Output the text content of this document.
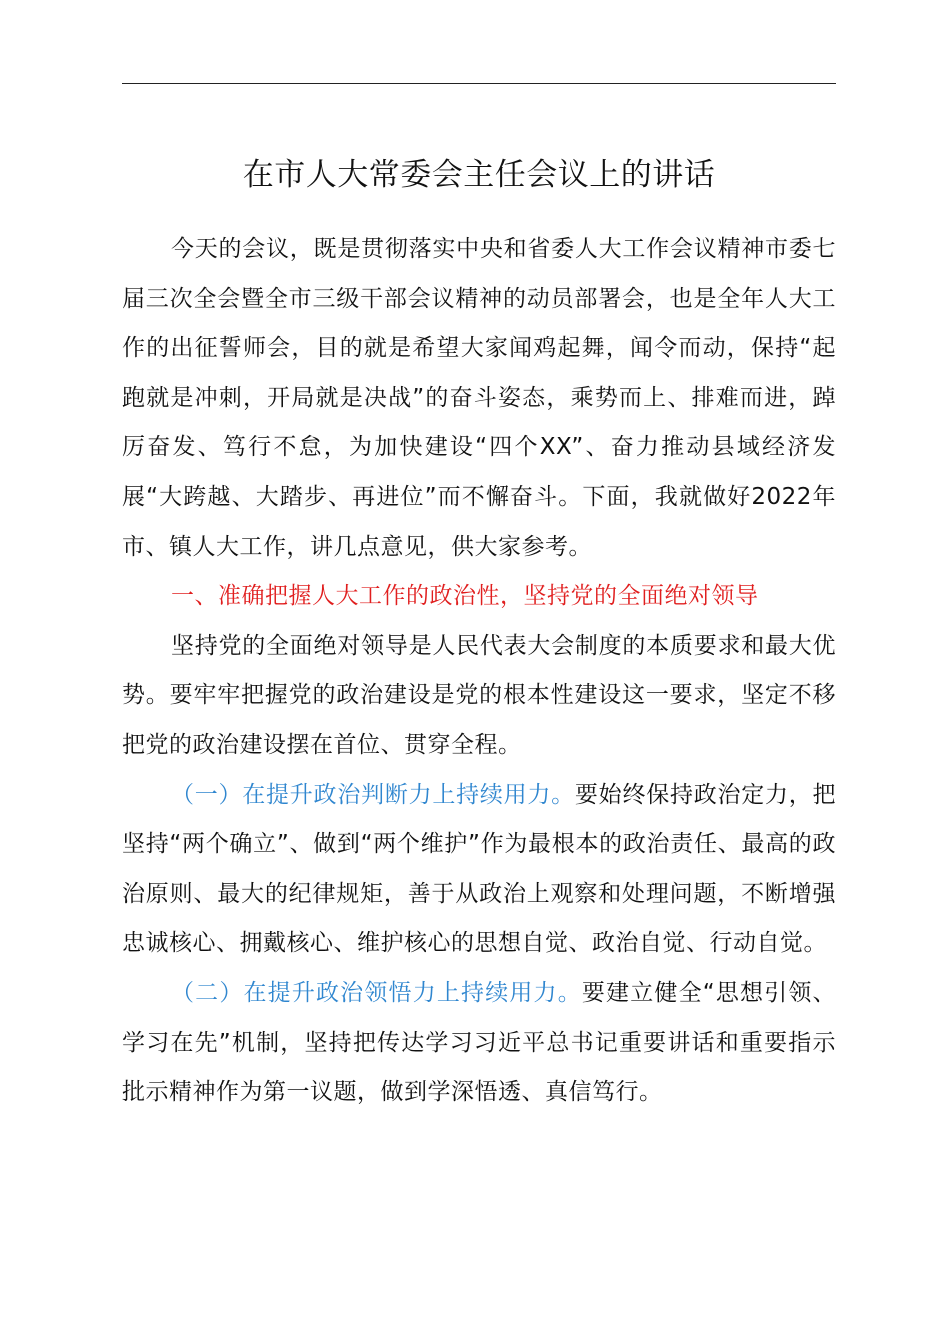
在市人大常委会主任会议上的讲话

今天的会议，既是贯彻落实中央和省委人大工作会议精神市委七届三次全会暨全市三级干部会议精神的动员部署会，也是全年人大工作的出征誓师会，目的就是希望大家闻鸡起舞，闻令而动，保持“起跑就是冲刺，开局就是决战”的奋斗姿态，乘势而上、排难而进，踔厉奋发、笃行不怠，为加快建设“四个XX”、奋力推动县域经济发展“大跨越、大踏步、再进位”而不懈奋斗。下面，我就做好2022年市、镇人大工作，讲几点意见，供大家参考。

一、准确把握人大工作的政治性，坚持党的全面绝对领导

坚持党的全面绝对领导是人民代表大会制度的本质要求和最大优势。要牢牢把握党的政治建设是党的根本性建设这一要求，坚定不移把党的政治建设摆在首位、贯穿全程。

（一）在提升政治判断力上持续用力。要始终保持政治定力，把坚持“两个确立”、做到“两个维护”作为最根本的政治责任、最高的政治原则、最大的纪律规矩，善于从政治上观察和处理问题，不断增强忠诚核心、拥戴核心、维护核心的思想自觉、政治自觉、行动自觉。

（二）在提升政治领悟力上持续用力。要建立健全“思想引领、学习在先”机制，坚持把传达学习习近平总书记重要讲话和重要指示批示精神作为第一议题，做到学深悟透、真信笃行。
